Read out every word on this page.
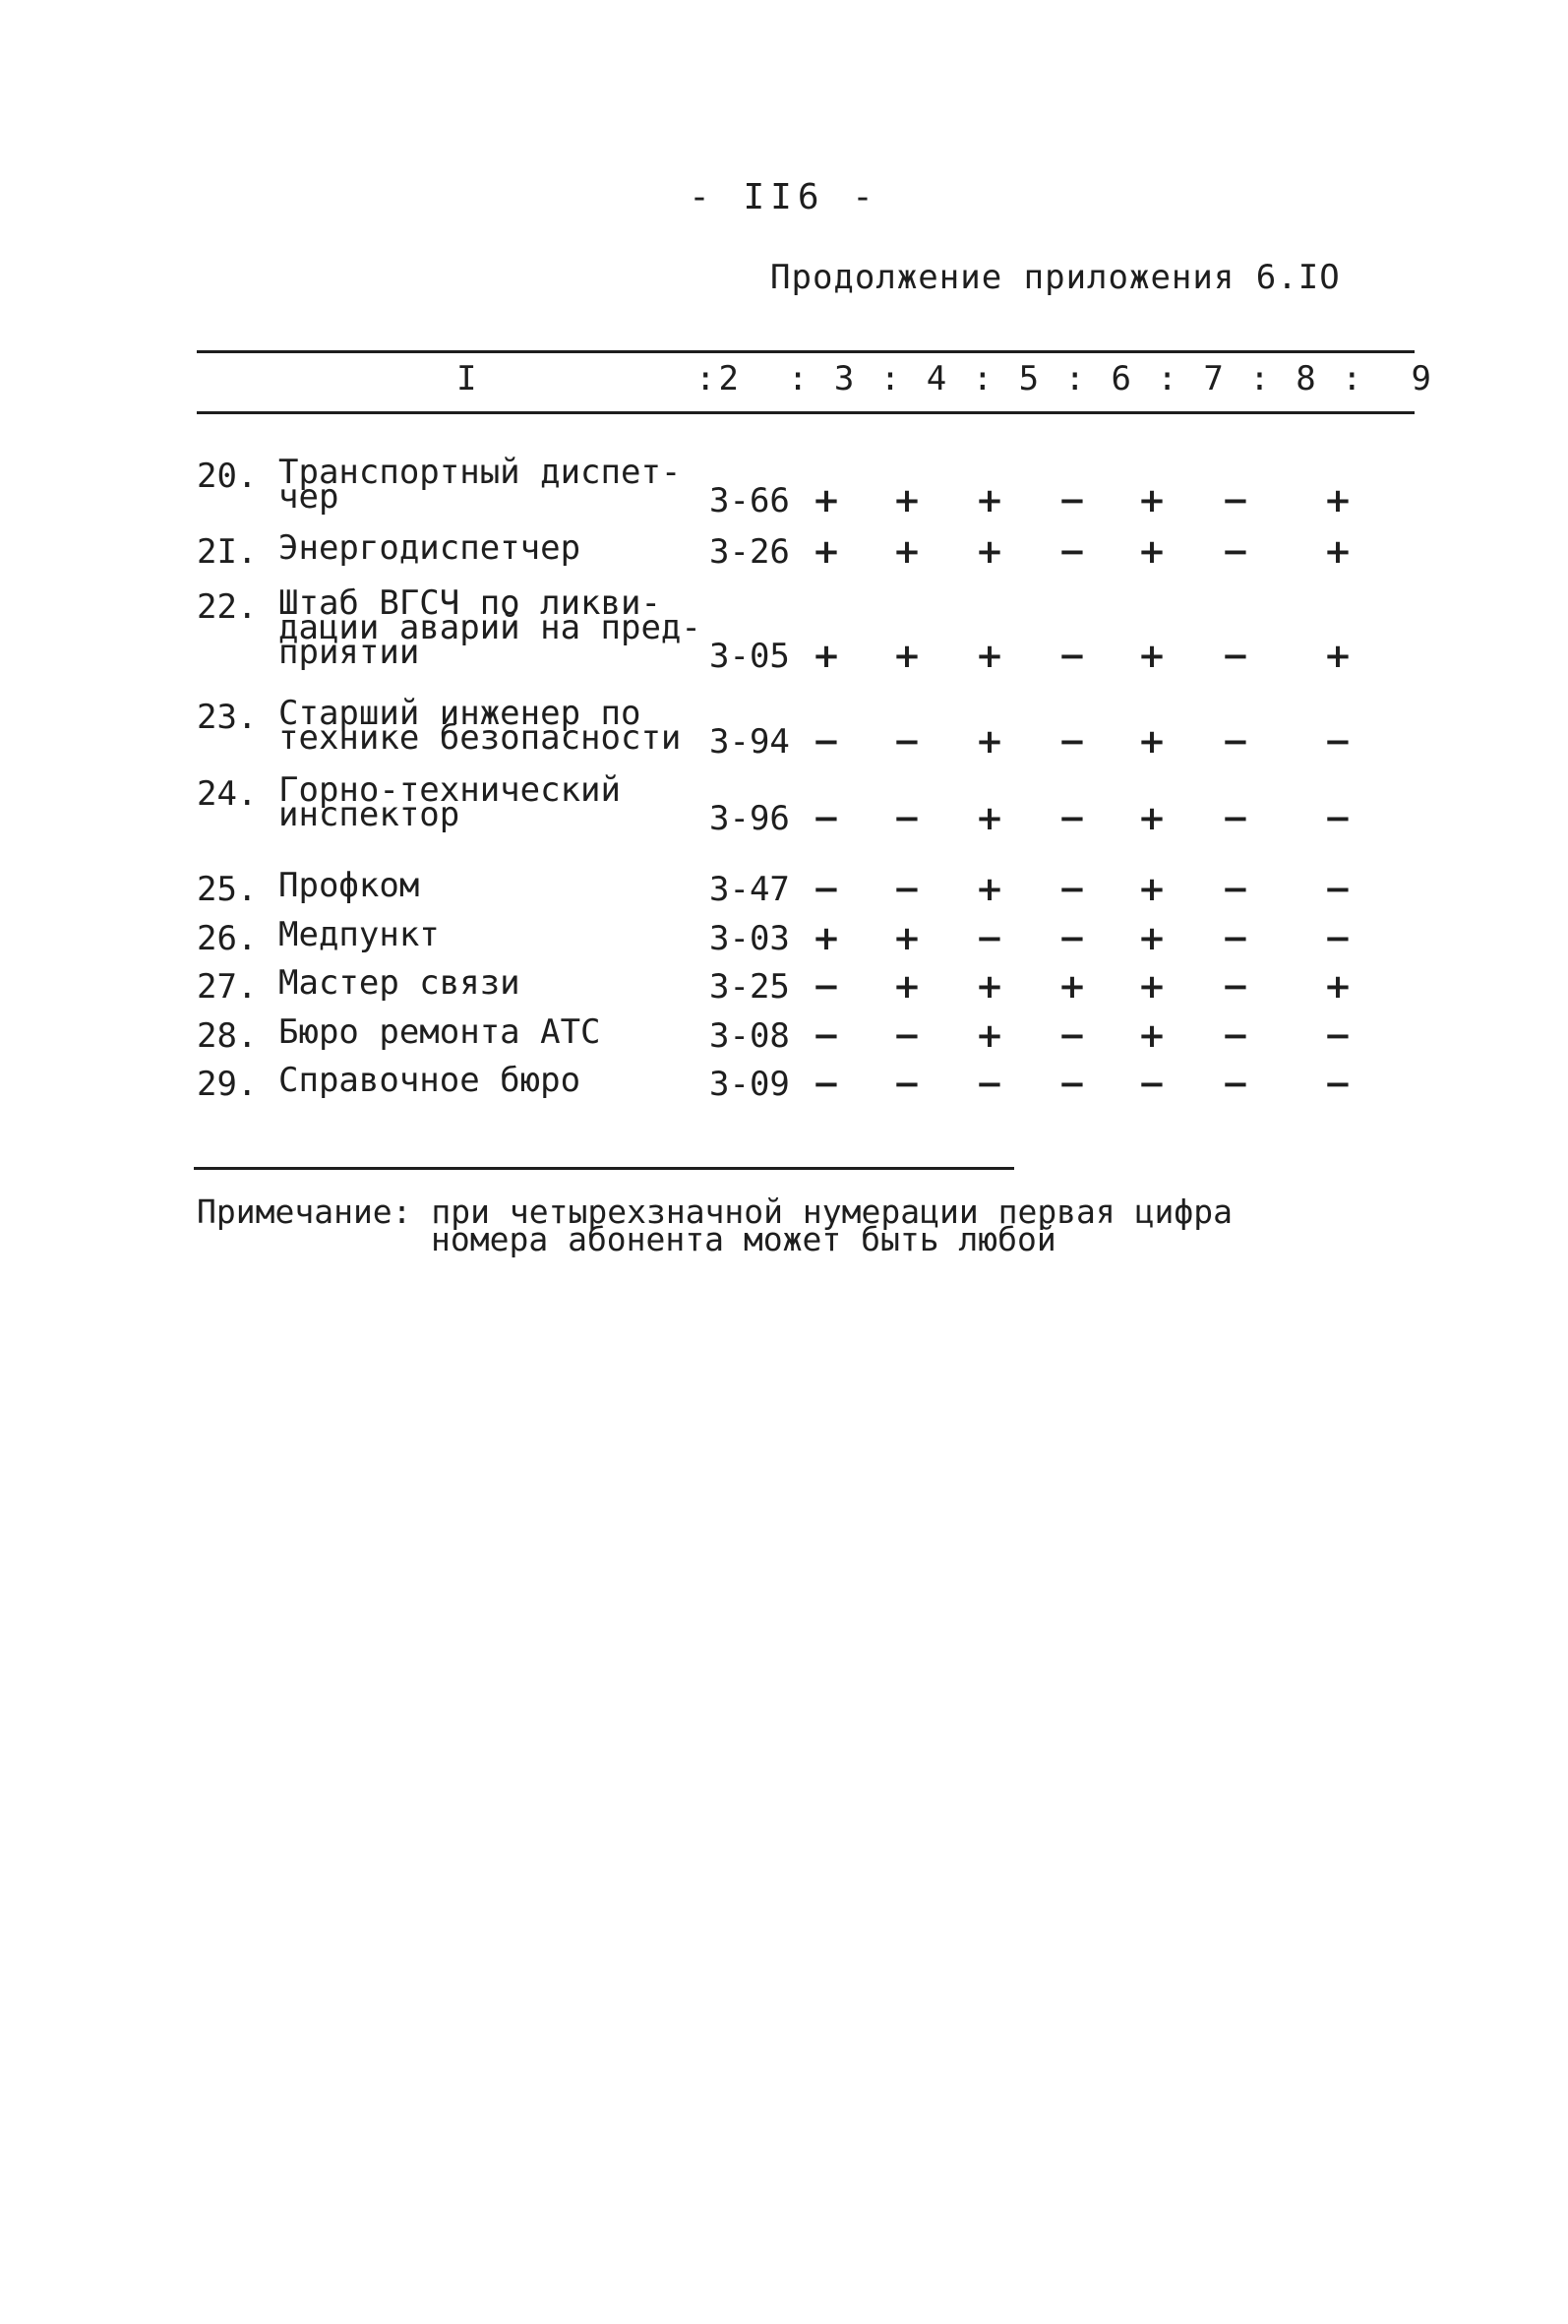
- II6 -
Продолжение приложения 6.IO
I	:2  : 3 : 4 : 5 : 6 : 7 : 8 :  9
20. Транспортный диспет-
чер	3-66 + + + − + − +
2I. Энергодиспетчер	3-26 + + + − + − +
22. Штаб ВГСЧ по ликви-
дации аварий на пред-
приятии	3-05 + + + − + − +
23. Старший инженер по
технике безопасности 3-94 − − + − + − −
24. Горно-технический
инспектор	3-96 − − + − + − −
25. Профком	3-47 − − + − + − −
26. Медпункт	3-03 + + − − + − −
27. Мастер связи	3-25 − + + + + − +
28. Бюро ремонта АТС	3-08 − − + − + − −
29. Справочное бюро	3-09 − − − − − − −
Примечание: при четырехзначной нумерации первая цифра
номера абонента может быть любой
